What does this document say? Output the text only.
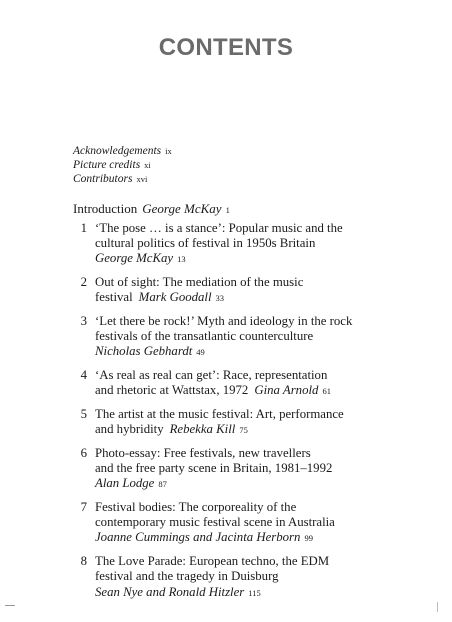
CONTENTS
Acknowledgements ix
Picture credits xi
Contributors xvi
Introduction George McKay 1
1 ‘The pose … is a stance’: Popular music and the
cultural politics of festival in 1950s Britain
George McKay 13
2 Out of sight: The mediation of the music
festival Mark Goodall 33
3 ‘Let there be rock!’ Myth and ideology in the rock
festivals of the transatlantic counterculture
Nicholas Gebhardt 49
4 ‘As real as real can get’: Race, representation
and rhetoric at Wattstax, 1972 Gina Arnold 61
5 The artist at the music festival: Art, performance
and hybridity Rebekka Kill 75
6 Photo-essay: Free festivals, new travellers
and the free party scene in Britain, 1981–1992
Alan Lodge 87
7 Festival bodies: The corporeality of the
contemporary music festival scene in Australia
Joanne Cummings and Jacinta Herborn 99
8 The Love Parade: European techno, the EDM
festival and the tragedy in Duisburg
Sean Nye and Ronald Hitzler 115
